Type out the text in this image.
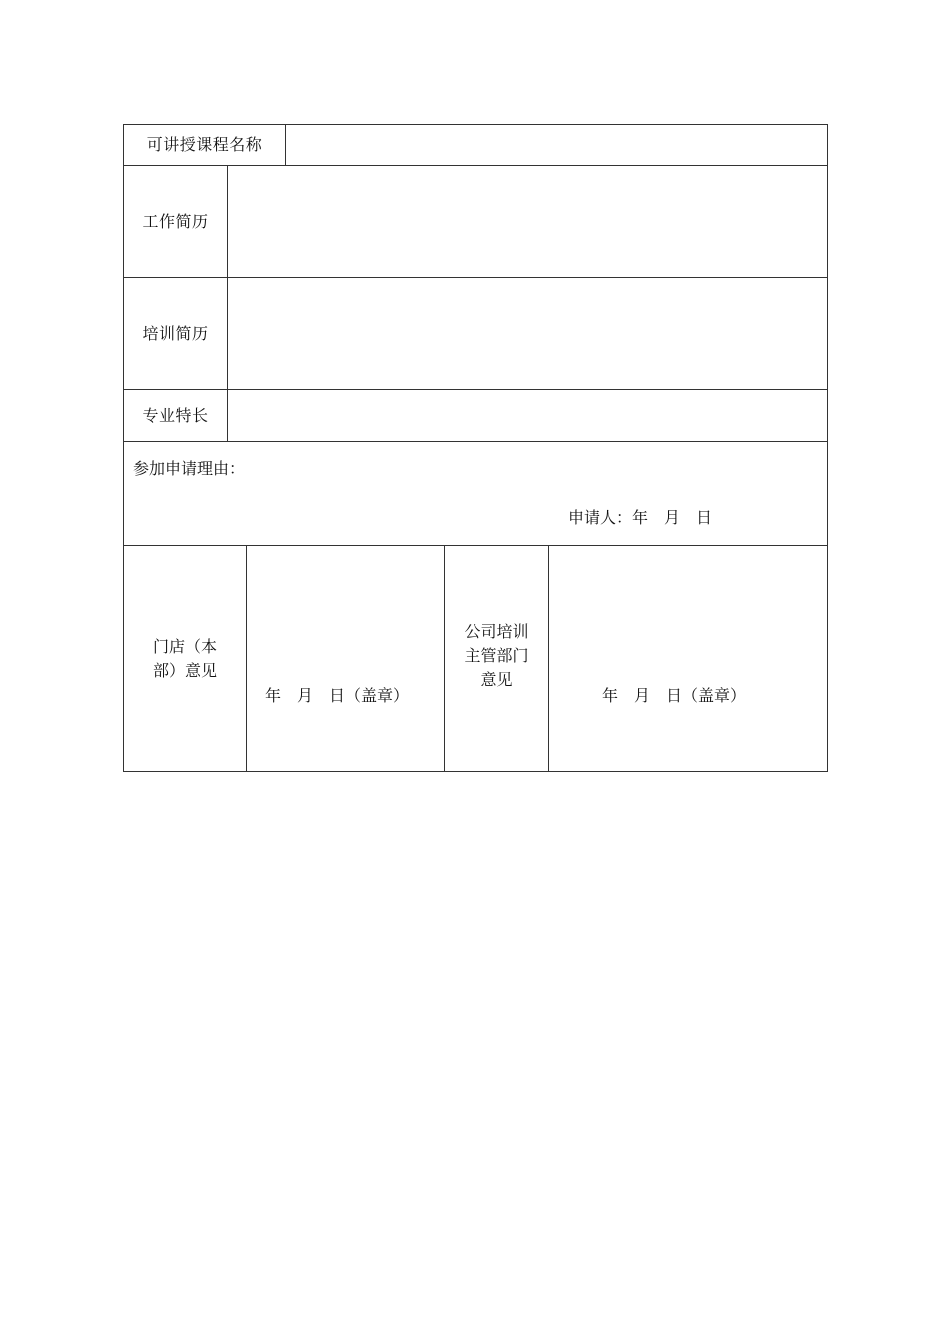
可讲授课程名称
工作简历
培训简历
专业特长
参加申请理由：
申请人：年　月　日
门店（本
部）意见
年　月　日（盖章）
公司培训
主管部门
意见
年　月　日（盖章）
